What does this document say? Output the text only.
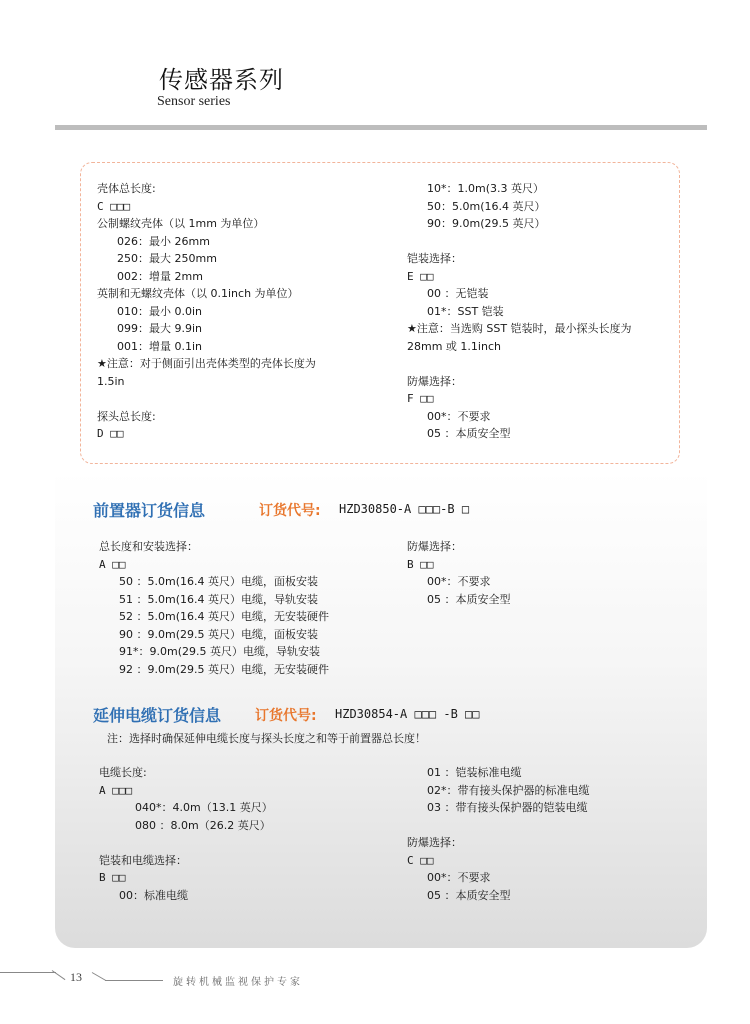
传感器系列
Sensor series
壳体总长度:
C □□□
公制螺纹壳体（以 1mm 为单位）
026：最小 26mm
250：最大 250mm
002：增量 2mm
英制和无螺纹壳体（以 0.1inch 为单位）
010：最小 0.0in
099：最大 9.9in
001：增量 0.1in
★注意：对于侧面引出壳体类型的壳体长度为
1.5in

探头总长度:
D □□
10*：1.0m(3.3 英尺）
50：5.0m(16.4 英尺）
90：9.0m(29.5 英尺）

铠装选择：
E □□
00 ：无铠装
01*：SST 铠装
★注意：当选购 SST 铠装时，最小探头长度为
28mm 或 1.1inch

防爆选择：
F □□
00*：不要求
05 ：本质安全型
前置器订货信息	订货代号: HZD30850-A □□□-B □
总长度和安装选择：
A □□
50 ：5.0m(16.4 英尺）电缆，面板安装
51 ：5.0m(16.4 英尺）电缆，导轨安装
52 ：5.0m(16.4 英尺）电缆，无安装硬件
90 ：9.0m(29.5 英尺）电缆，面板安装
91*：9.0m(29.5 英尺）电缆，导轨安装
92 ：9.0m(29.5 英尺）电缆，无安装硬件
防爆选择：
B □□
00*：不要求
05 ：本质安全型
延伸电缆订货信息 订货代号: HZD30854-A □□□ -B □□
注：选择时确保延伸电缆长度与探头长度之和等于前置器总长度！
电缆长度:
A □□□
040*：4.0m（13.1 英尺）
080 ：8.0m（26.2 英尺）

铠装和电缆选择：
B □□
00：标准电缆
01 ：铠装标准电缆
02*：带有接头保护器的标准电缆
03 ：带有接头保护器的铠装电缆

防爆选择：
C □□
00*：不要求
05 ：本质安全型
13	旋转机械监视保护专家
